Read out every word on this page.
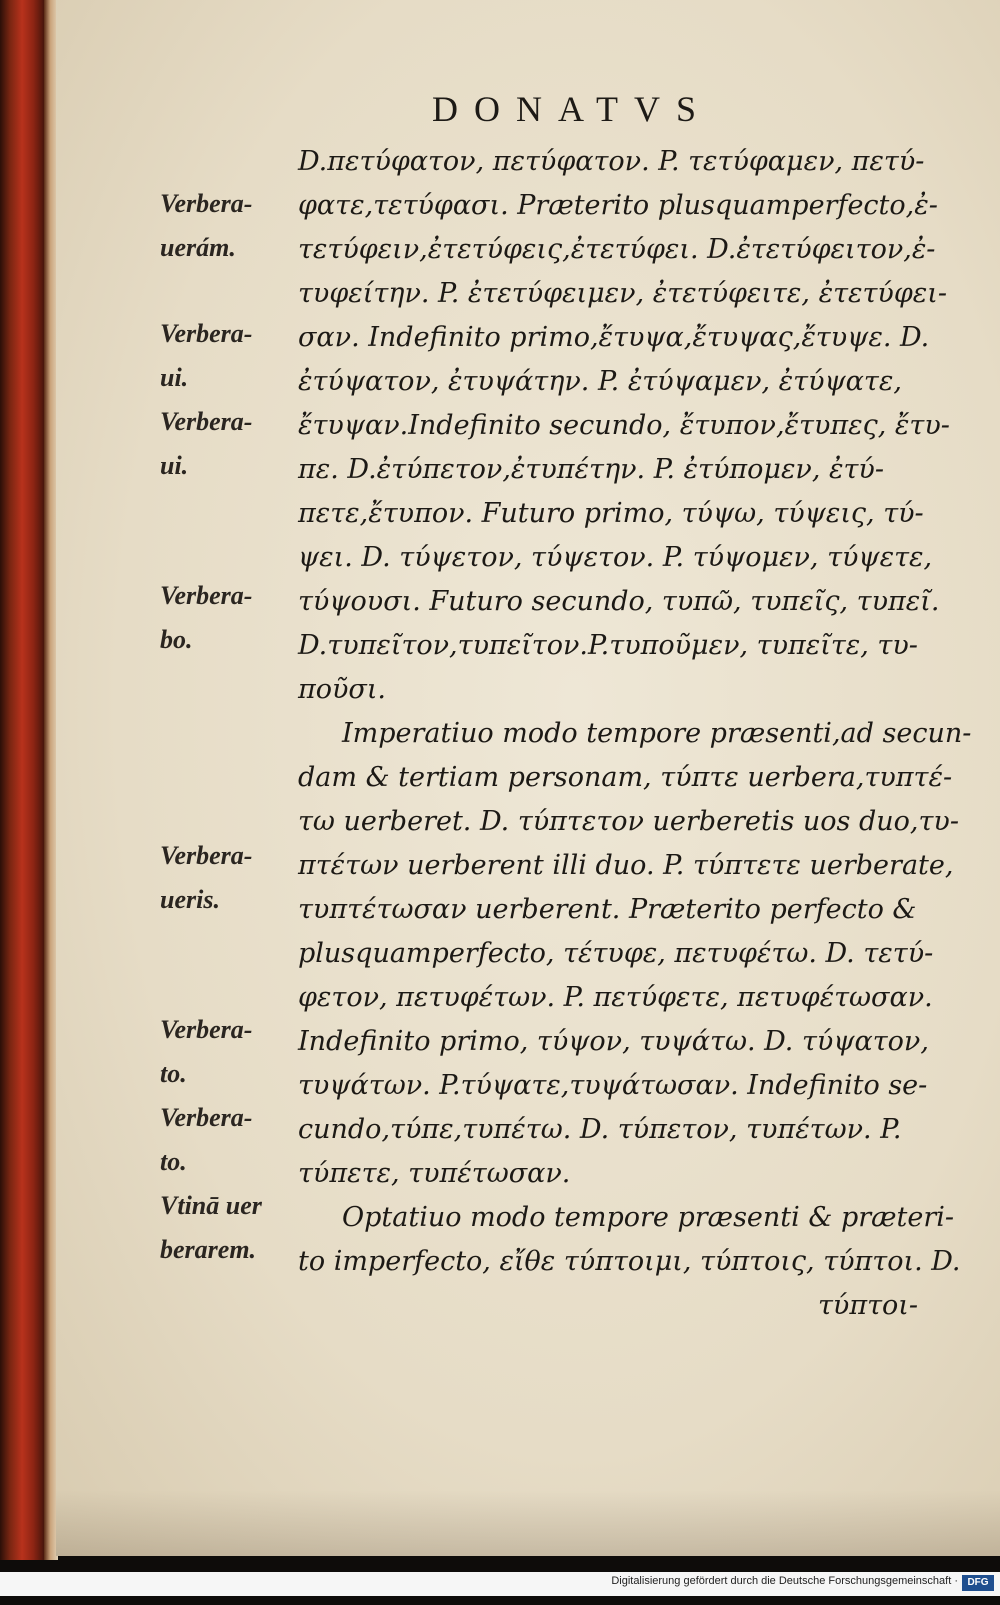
DONATVS
Verbera-
uerám.
Verbera-
ui.
Verbera-
ui.
Verbera-
bo.
Verbera-
ueris.
Verbera-
to.
Verbera-
to.
Vtinā uer
berarem.
D.πετύφατον, πετύφατον. P. τετύφαμεν, πετύ-
φατε,τετύφασι. Præterito plusquamperfecto,ἐ-
τετύφειν,ἐτετύφεις,ἐτετύφει. D.ἐτετύφειτον,ἐ-
τυφείτην. P. ἐτετύφειμεν, ἐτετύφειτε, ἐτετύφει-
σαν. Indefinito primo,ἔτυψα,ἔτυψας,ἔτυψε. D.
ἐτύψατον, ἐτυψάτην. P. ἐτύψαμεν, ἐτύψατε,
ἔτυψαν.Indefinito secundo, ἔτυπον,ἔτυπες, ἔτυ-
πε. D.ἐτύπετον,ἐτυπέτην. P. ἐτύπομεν, ἐτύ-
πετε,ἔτυπον. Futuro primo, τύψω, τύψεις, τύ-
ψει. D. τύψετον, τύψετον. P. τύψομεν, τύψετε,
τύψουσι. Futuro secundo, τυπῶ, τυπεῖς, τυπεῖ.
D.τυπεῖτον,τυπεῖτον.P.τυποῦμεν, τυπεῖτε, τυ-
ποῦσι.
Imperatiuo modo tempore præsenti,ad secun-
dam & tertiam personam, τύπτε uerbera,τυπτέ-
τω uerberet. D. τύπτετον uerberetis uos duo,τυ-
πτέτων uerberent illi duo. P. τύπτετε uerberate,
τυπτέτωσαν uerberent. Præterito perfecto &
plusquamperfecto, τέτυφε, πετυφέτω. D. τετύ-
φετον, πετυφέτων. P. πετύφετε, πετυφέτωσαν.
Indefinito primo, τύψον, τυψάτω. D. τύψατον,
τυψάτων. P.τύψατε,τυψάτωσαν. Indefinito se-
cundo,τύπε,τυπέτω. D. τύπετον, τυπέτων. P.
τύπετε, τυπέτωσαν.
Optatiuo modo tempore præsenti & præteri-
to imperfecto, εἴθε τύπτοιμι, τύπτοις, τύπτοι. D.
τύπτοι-
Digitalisierung gefördert durch die Deutsche Forschungsgemeinschaft · DFG
